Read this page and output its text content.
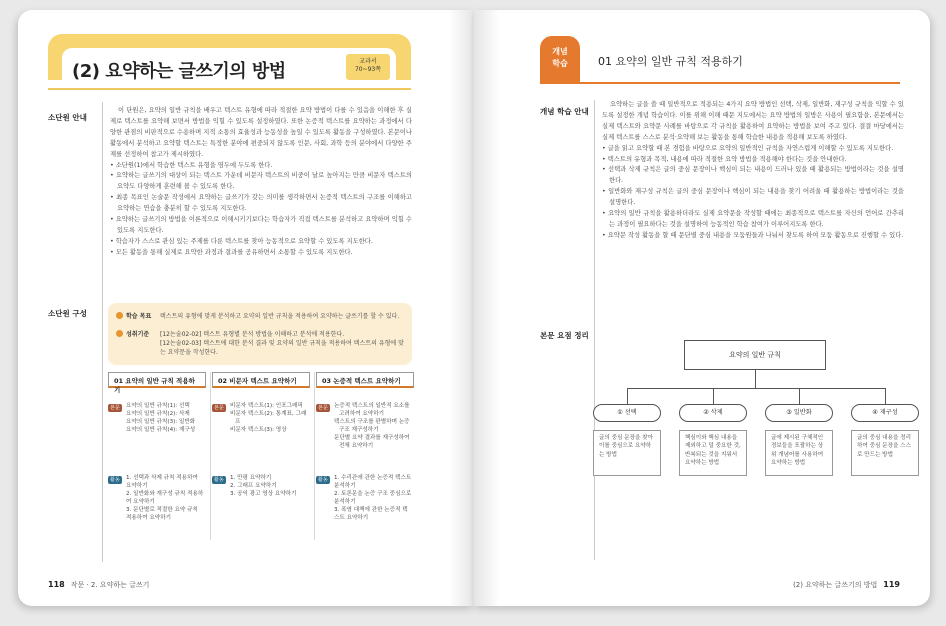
(2) 요약하는 글쓰기의 방법	교과서
70~93쪽
소단원 안내
이 단원은, 요약의 일반 규칙을 배우고 텍스트 유형에 따라 적절한 요약 방법이 다를 수 있음을 이해한 후 실제로 텍스트를 요약해 보면서 방법을 익힐 수 있도록 설정하였다. 또한 논증적 텍스트를 요약하는 과정에서 다양한 관점의 비판적으로 수용하며 지적 소통의 효율성과 능동성을 높일 수 있도록 활동을 구성하였다. 본문이나 활동에서 분석하고 요약할 텍스트는 특정한 분야에 편중되지 않도록 인문, 사회, 과학 등의 분야에서 다양한 주제를 선정하여 참고가 제시하였다.
• 소단원(1)에서 학습한 텍스트 유형을 염두에 두도록 한다.
• 요약하는 글쓰기의 대상이 되는 텍스트 가운데 비문자 텍스트의 비중이 날로 높아지는 만큼 비문자 텍스트의 요약도 다양하게 훈련해 볼 수 있도록 한다.
• 최종 목표인 논술문 작성에서 요약하는 글쓰기가 갖는 의미를 생각하면서 논증적 텍스트의 구조를 이해하고 요약하는 연습을 충분히 할 수 있도록 지도한다.
• 요약하는 글쓰기의 방법을 이론적으로 이해시키기보다는 학습자가 직접 텍스트를 분석하고 요약하며 익힐 수 있도록 지도한다.
• 학습자가 스스로 관심 있는 주제를 다룬 텍스트를 찾아 능동적으로 요약할 수 있도록 지도한다.
• 모든 활동을 통해 실제로 요약한 과정과 결과를 공유하면서 소통할 수 있도록 지도한다.
소단원 구성	학습 목표 텍스트의 유형에 맞게 분석하고 요약의 일반 규칙을 적용하여 요약하는 글쓰기를 할 수 있다.
성취기준 [12논술02-02] 텍스트 유형별 분석 방법을 이해하고 분석에 적용한다.
[12논술02-03] 텍스트에 대한 분석 결과 및 요약의 일반 규칙을 적용하여 텍스트의 유형에 맞는 요약문을 작성한다.
01 요약의 일반 규칙 적용하기
본문	요약의 일반 규칙(1): 선택
요약의 일반 규칙(2): 삭제
요약의 일반 규칙(3): 일반화
요약의 일반 규칙(4): 재구성
활동	1. 선택과 삭제 규칙 적용하여 요약하기
2. 일반화와 재구성 규칙 적용하여 요약하기
3. 문단별로 적절한 요약 규칙 적용하여 요약하기
02 비문자 텍스트 요약하기
본문	비문자 텍스트(1): 인포그래픽
비문자 텍스트(2): 통계표, 그래프
비문자 텍스트(3): 영상
활동	1. 만평 요약하기
2. 그래프 요약하기
3. 공익 광고 영상 요약하기
03 논증적 텍스트 요약하기
본문	논증적 텍스트의 일반적 요소를 고려하여 요약하기
텍스트의 구조를 판별하며 논증 구조 재구성하기
문단별 요약 결과를 재구성하여 전체 요약하기
활동	1. 수리관에 관한 논증적 텍스트 분석하기
2. 토론문을 논증 구조 중심으로 분석하기
3. 폭염 대책에 관한 논증적 텍스트 요약하기
118 작문 · 2. 요약하는 글쓰기
개념
학습	01 요약의 일반 규칙 적용하기
개념 학습 안내
요약하는 글을 쓸 때 일반적으로 적용되는 4가지 요약 방법인 선택, 삭제, 일반화, 재구성 규칙을 익할 수 있도록 설정한 개념 학습이다. 이를 위해 이해 때문 지도에서는 요약 방법의 일방은 사용이 필요함을, 본문에서는 실제 텍스트와 요약문 사례를 바탕으로 각 규칙을 활용하여 요약하는 방법을 보여 주고 있다. 결결 마당에서는 실제 텍스트를 스스로 분석·요약해 보는 활동을 통해 학습한 내용을 적용해 보도록 하였다.
• 글을 읽고 요약할 때 본 경험을 바탕으로 요약의 일반적인 규칙을 자연스럽게 이해할 수 있도록 지도한다.
• 텍스트의 유형과 목적, 내용에 따라 적절한 요약 방법을 적용해야 한다는 것을 안내한다.
• 선택과 삭제 규칙은 글의 중심 문장이나 핵심이 되는 내용이 드러나 있을 때 활용되는 방법이라는 것을 설명한다.
• 일반화와 재구성 규칙은 글의 중심 문장이나 핵심이 되는 내용을 찾기 어려울 때 활용하는 방법이라는 것을 설명한다.
• 요약의 일반 규칙을 활용하더라도 실제 요약문을 작성할 때에는 최종적으로 텍스트를 자신의 언어로 간추리는 과정이 필요하다는 것을 설명하여 능동적인 학습 참여가 이루어지도록 한다.
• 요약문 작성 활동을 할 때 문단별 중심 내용을 모둠원들과 나눠서 찾도록 하여 모둠 활동으로 진행할 수 있다.
본문 요점 정리
요약의 일반 규칙
① 선택	② 삭제	③ 일반화	④ 재구성
글의 중심 문장을 찾아 이를 중심으로 요약하는 방법
핵심이와 핵심 내용을 제외하고 덜 중요한 것, 반복되는 것을 지워서 요약하는 방법
글에 제시된 구체적인 정보들을 포괄하는 상위 개념어를 사용하여 요약하는 방법
글의 중심 내용을 정리하여 중심 문장을 스스로 만드는 방법
(2) 요약하는 글쓰기의 방법 119
